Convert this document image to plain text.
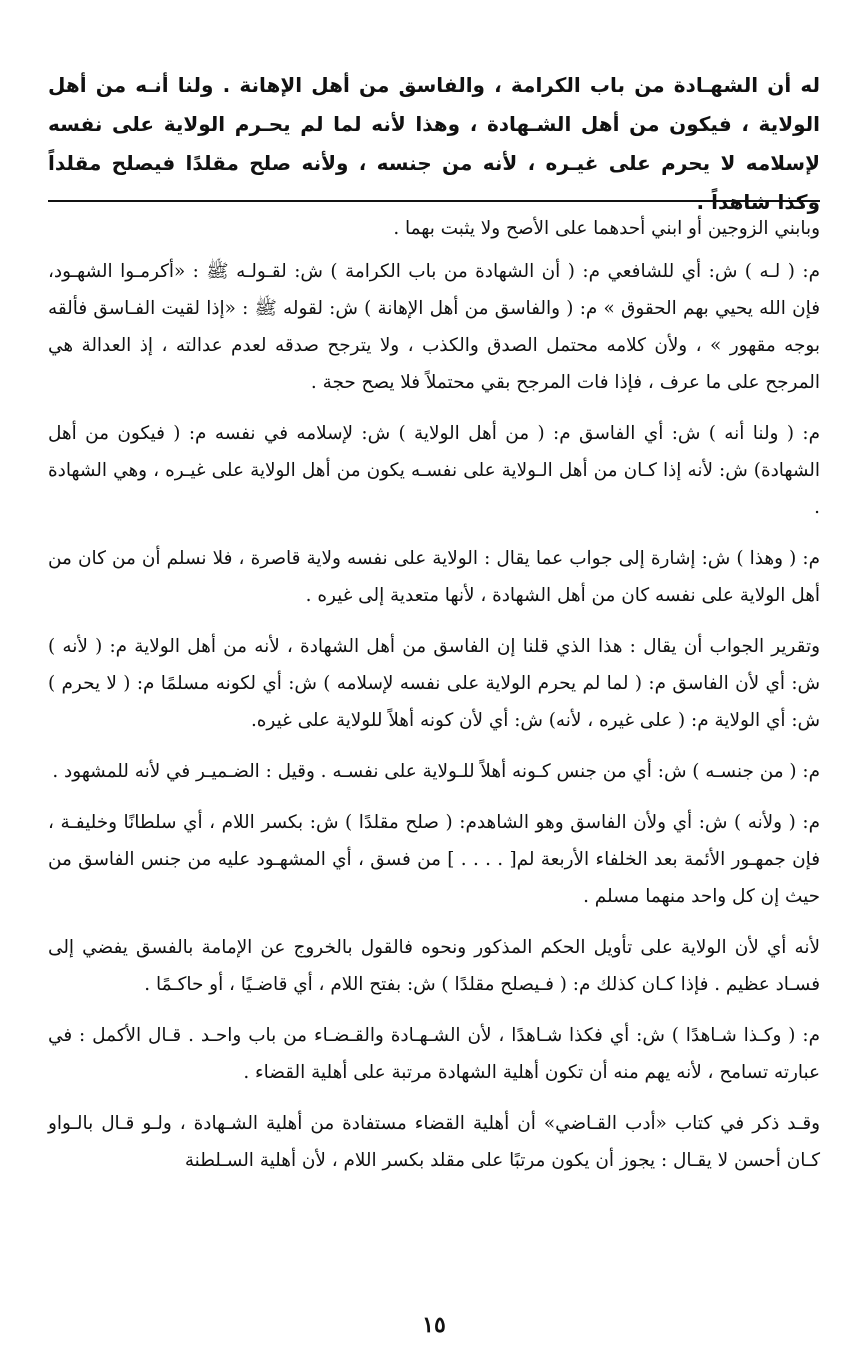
له أن الشهـادة من باب الكرامة ، والفاسق من أهل الإهانة . ولنا أنـه من أهل الولاية ، فيكون من أهل الشـهادة ، وهذا لأنه لما لم يحـرم الولاية على نفسه لإسلامه لا يحرم على غيـره ، لأنه من جنسه ، ولأنه صلح مقلدًا فيصلح مقلداً وكذا شاهداً .

وبابني الزوجين أو ابني أحدهما على الأصح ولا يثبت بهما .

م: ( لـه ) ش: أي للشافعي م: ( أن الشهادة من باب الكرامة ) ش: لقـولـه ﷺ : «أكرمـوا الشهـود، فإن الله يحيي بهم الحقوق » م: ( والفاسق من أهل الإهانة ) ش: لقوله ﷺ : «إذا لقيت الفـاسق فألقه بوجه مقهور » ، ولأن كلامه محتمل الصدق والكذب ، ولا يترجح صدقه لعدم عدالته ، إذ العدالة هي المرجح على ما عرف ، فإذا فات المرجح بقي محتملاً فلا يصح حجة .

م: ( ولنا أنه ) ش: أي الفاسق م: ( من أهل الولاية ) ش: لإسلامه في نفسه م: ( فيكون من أهل الشهادة) ش: لأنه إذا كـان من أهل الـولاية على نفسـه يكون من أهل الولاية على غيـره ، وهي الشهادة .

م: ( وهذا ) ش: إشارة إلى جواب عما يقال : الولاية على نفسه ولاية قاصرة ، فلا نسلم أن من كان من أهل الولاية على نفسه كان من أهل الشهادة ، لأنها متعدية إلى غيره .

وتقرير الجواب أن يقال : هذا الذي قلنا إن الفاسق من أهل الشهادة ، لأنه من أهل الولاية م: ( لأنه ) ش: أي لأن الفاسق م: ( لما لم يحرم الولاية على نفسه لإسلامه ) ش: أي لكونه مسلمًا م: ( لا يحرم ) ش: أي الولاية م: ( على غيره ، لأنه) ش: أي لأن كونه أهلاً للولاية على غيره.

م: ( من جنسـه ) ش: أي من جنس كـونه أهلاً للـولاية على نفسـه . وقيل : الضـميـر في لأنه للمشهود .

م: ( ولأنه ) ش: أي ولأن الفاسق وهو الشاهدم: ( صلح مقلدًا ) ش: بكسر اللام ، أي سلطانًا وخليفـة ، فإن جمهـور الأئمة بعد الخلفاء الأربعة لم[ . . . . ] من فسق ، أي المشهـود عليه من جنس الفاسق من حيث إن كل واحد منهما مسلم .

لأنه أي لأن الولاية على تأويل الحكم المذكور ونحوه فالقول بالخروج عن الإمامة بالفسق يفضي إلى فسـاد عظيم . فإذا كـان كذلك م: ( فـيصلح مقلدًا ) ش: بفتح اللام ، أي قاضـيًا ، أو حاكـمًا .

م: ( وكـذا شـاهدًا ) ش: أي فكذا شـاهدًا ، لأن الشـهـادة والقـضـاء من باب واحـد . قـال الأكمل : في عبارته تسامح ، لأنه يهم منه أن تكون أهلية الشهادة مرتبة على أهلية القضاء .

وقـد ذكر في كتاب «أدب القـاضي» أن أهلية القضاء مستفادة من أهلية الشـهادة ، ولـو قـال بالـواو كـان أحسن لا يقـال : يجوز أن يكون مرتبًا على مقلد بكسر اللام ، لأن أهلية السـلطنة

١٥
